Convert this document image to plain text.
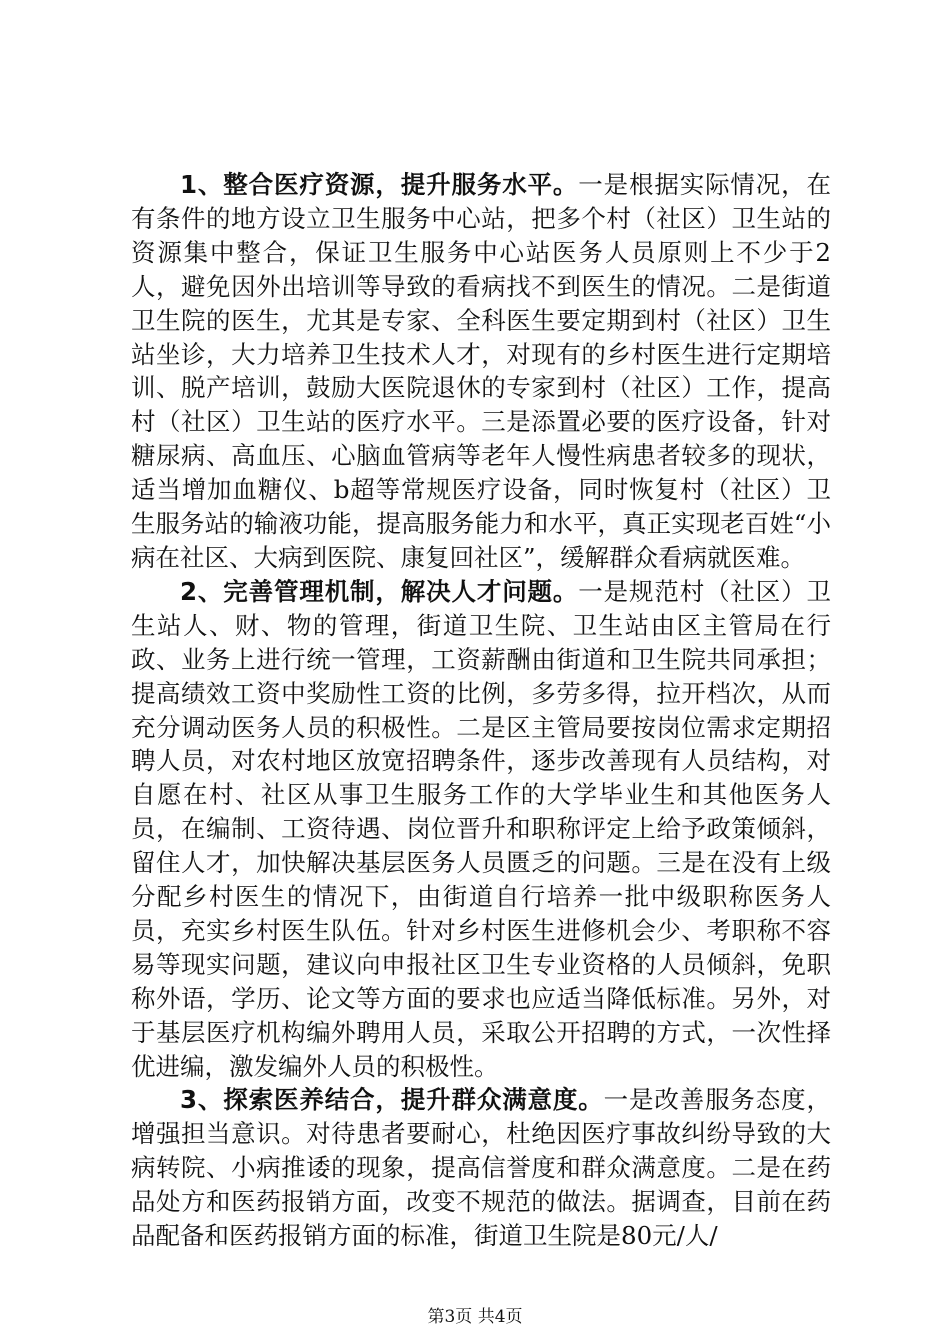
1、整合医疗资源，提升服务水平。一是根据实际情况，在有条件的地方设立卫生服务中心站，把多个村（社区）卫生站的资源集中整合，保证卫生服务中心站医务人员原则上不少于2人，避免因外出培训等导致的看病找不到医生的情况。二是街道卫生院的医生，尤其是专家、全科医生要定期到村（社区）卫生站坐诊，大力培养卫生技术人才，对现有的乡村医生进行定期培训、脱产培训，鼓励大医院退休的专家到村（社区）工作，提高村（社区）卫生站的医疗水平。三是添置必要的医疗设备，针对糖尿病、高血压、心脑血管病等老年人慢性病患者较多的现状，适当增加血糖仪、b超等常规医疗设备，同时恢复村（社区）卫生服务站的输液功能，提高服务能力和水平，真正实现老百姓“小病在社区、大病到医院、康复回社区”，缓解群众看病就医难。

2、完善管理机制，解决人才问题。一是规范村（社区）卫生站人、财、物的管理，街道卫生院、卫生站由区主管局在行政、业务上进行统一管理，工资薪酬由街道和卫生院共同承担；提高绩效工资中奖励性工资的比例，多劳多得，拉开档次，从而充分调动医务人员的积极性。二是区主管局要按岗位需求定期招聘人员，对农村地区放宽招聘条件，逐步改善现有人员结构，对自愿在村、社区从事卫生服务工作的大学毕业生和其他医务人员，在编制、工资待遇、岗位晋升和职称评定上给予政策倾斜，留住人才，加快解决基层医务人员匮乏的问题。三是在没有上级分配乡村医生的情况下，由街道自行培养一批中级职称医务人员，充实乡村医生队伍。针对乡村医生进修机会少、考职称不容易等现实问题，建议向申报社区卫生专业资格的人员倾斜，免职称外语，学历、论文等方面的要求也应适当降低标准。另外，对于基层医疗机构编外聘用人员，采取公开招聘的方式，一次性择优进编，激发编外人员的积极性。

3、探索医养结合，提升群众满意度。一是改善服务态度，增强担当意识。对待患者要耐心，杜绝因医疗事故纠纷导致的大病转院、小病推诿的现象，提高信誉度和群众满意度。二是在药品处方和医药报销方面，改变不规范的做法。据调查，目前在药品配备和医药报销方面的标准，街道卫生院是80元/人/

第3页 共4页
